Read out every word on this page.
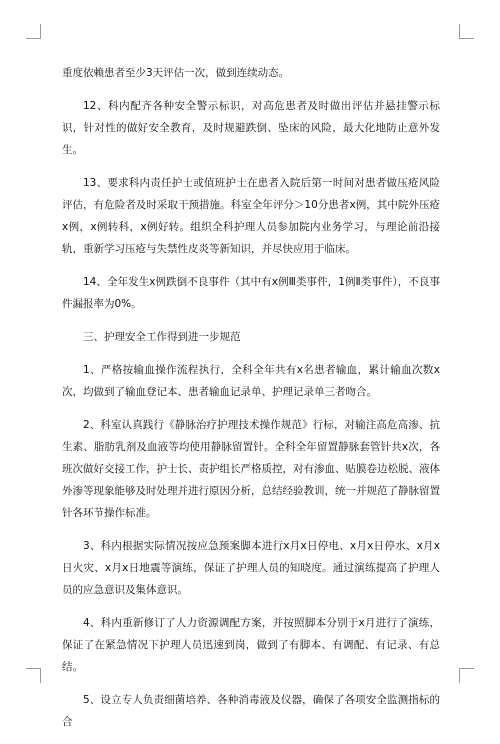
重度依赖患者至少3天评估一次，做到连续动态。

12、科内配齐各种安全警示标识，对高危患者及时做出评估并悬挂警示标识，针对性的做好安全教育，及时规避跌倒、坠床的风险，最大化地防止意外发生。

13、要求科内责任护士或值班护士在患者入院后第一时间对患者做压疮风险评估，有危险者及时采取干预措施。科室全年评分＞10分患者x例，其中院外压疮x例，x例转科，x例好转。组织全科护理人员参加院内业务学习，与理论前沿接轨，重新学习压疮与失禁性皮炎等新知识，并尽快应用于临床。

14、全年发生x例跌倒不良事件（其中有x例Ⅲ类事件，1例Ⅱ类事件），不良事件漏报率为0%。

三、护理安全工作得到进一步规范

1、严格按输血操作流程执行，全科全年共有x名患者输血，累计输血次数x次，均做到了输血登记本、患者输血记录单、护理记录单三者吻合。

2、科室认真践行《静脉治疗护理技术操作规范》行标，对输注高危高渗、抗生素、脂肪乳剂及血液等均使用静脉留置针。全科全年留置静脉套管针共x次，各班次做好交接工作，护士长、责护组长严格质控，对有渗血、贴膜卷边松脱、液体外渗等现象能够及时处理并进行原因分析，总结经验教训，统一并规范了静脉留置针各环节操作标准。

3、科内根据实际情况按应急预案脚本进行x月x日停电、x月x日停水、x月x日火灾、x月x日地震等演练，保证了护理人员的知晓度。通过演练提高了护理人员的应急意识及集体意识。

4、科内重新修订了人力资源调配方案，并按照脚本分别于x月进行了演练，保证了在紧急情况下护理人员迅速到岗，做到了有脚本、有调配、有记录、有总结。

5、设立专人负责细菌培养、各种消毒液及仪器，确保了各项安全监测指标的合
